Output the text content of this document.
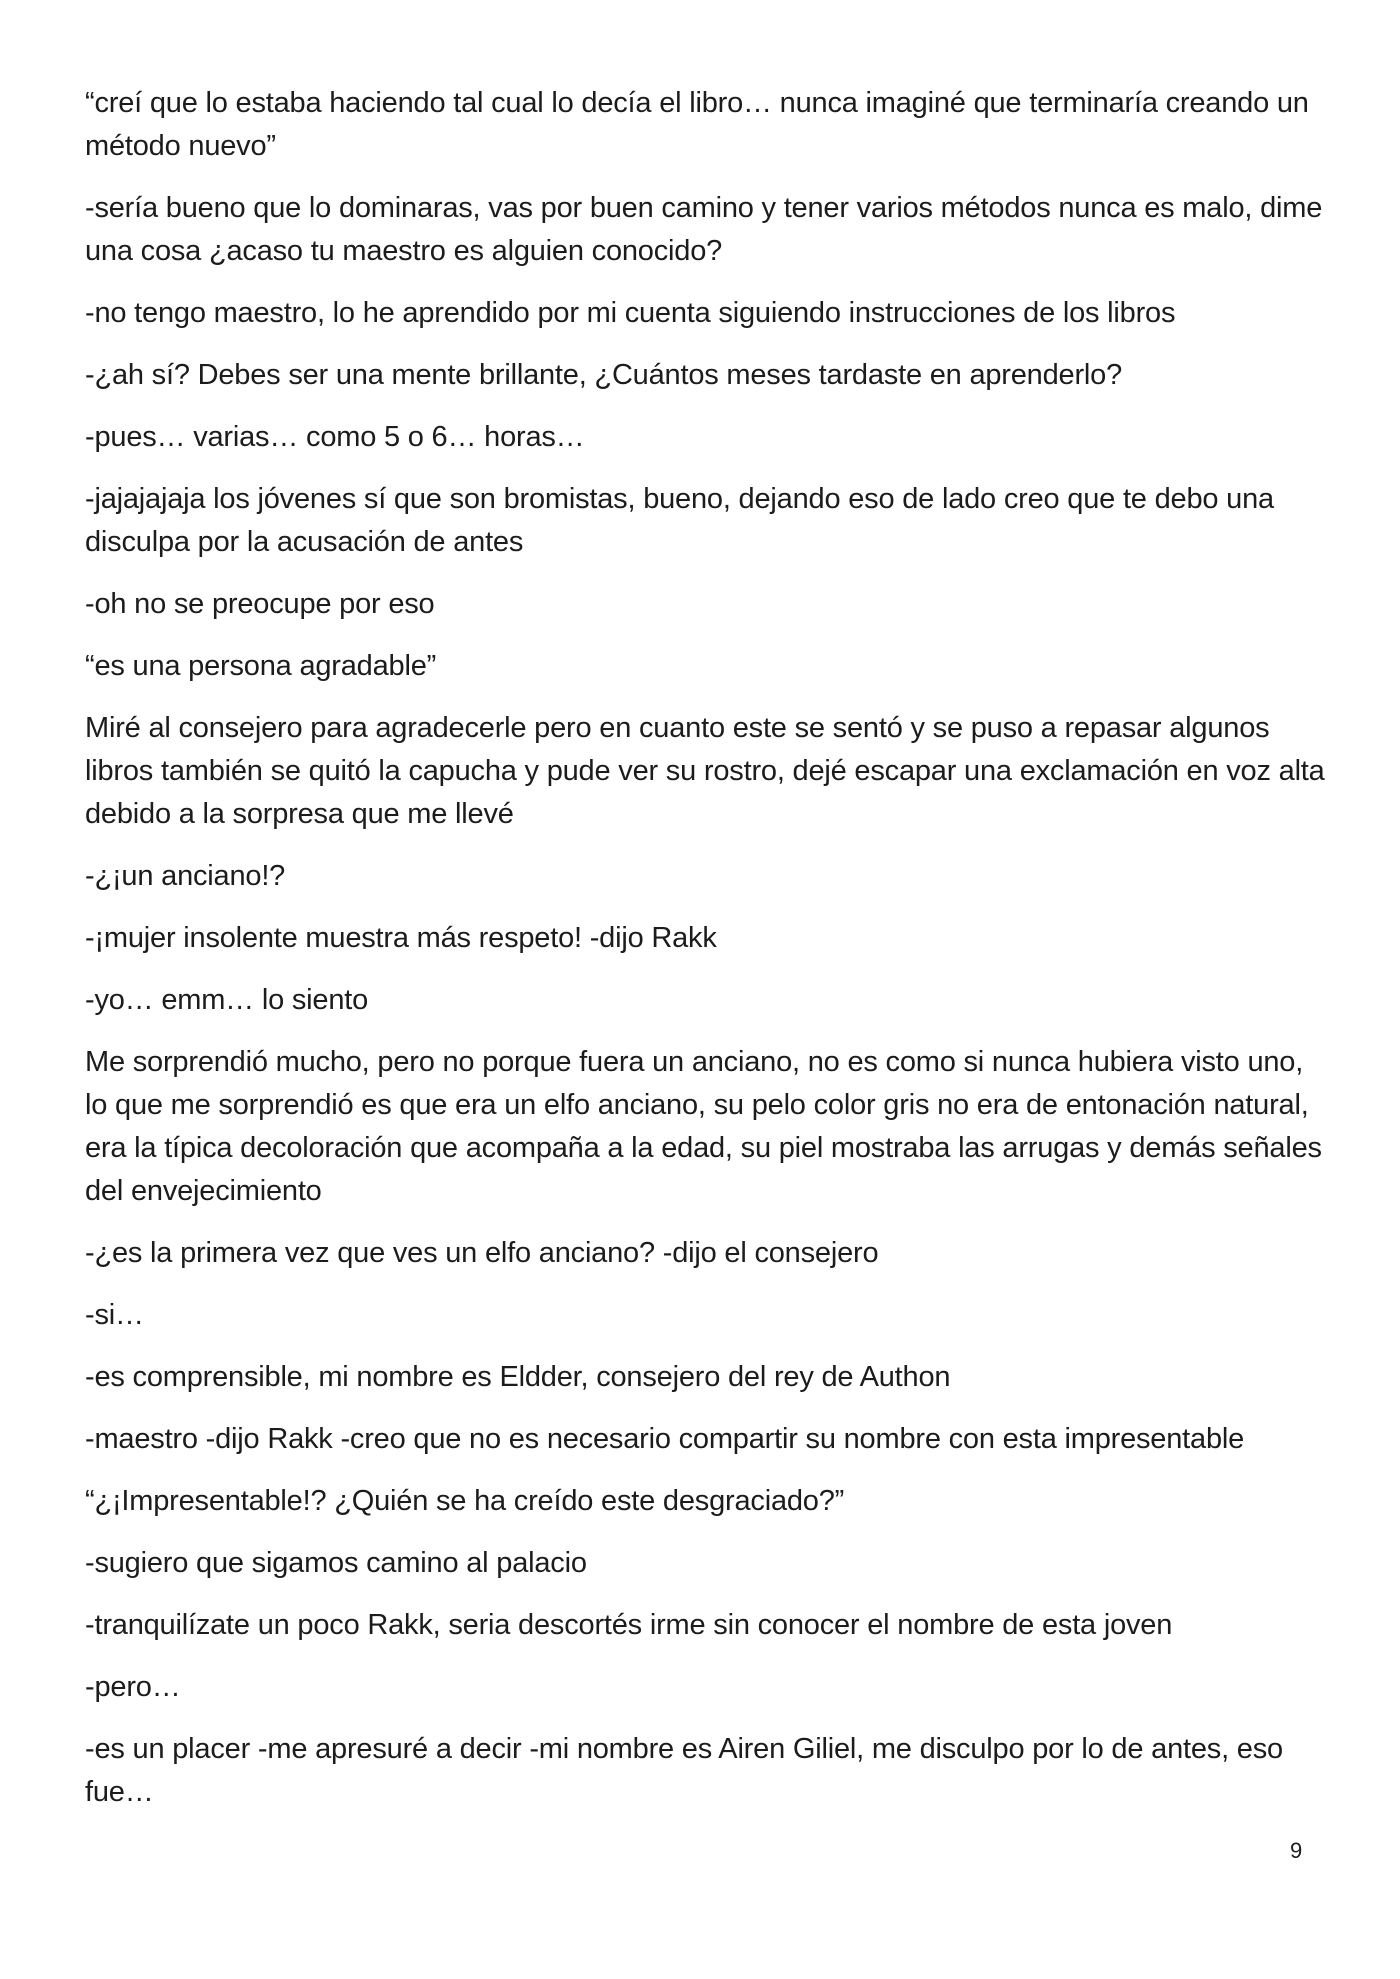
“creí que lo estaba haciendo tal cual lo decía el libro… nunca imaginé que terminaría creando un método nuevo”

-sería bueno que lo dominaras, vas por buen camino y tener varios métodos nunca es malo, dime una cosa ¿acaso tu maestro es alguien conocido?

-no tengo maestro, lo he aprendido por mi cuenta siguiendo instrucciones de los libros

-¿ah sí? Debes ser una mente brillante, ¿Cuántos meses tardaste en aprenderlo?

-pues… varias… como 5 o 6… horas…

-jajajajaja los jóvenes sí que son bromistas, bueno, dejando eso de lado creo que te debo una disculpa por la acusación de antes

-oh no se preocupe por eso

“es una persona agradable”

Miré al consejero para agradecerle pero en cuanto este se sentó y se puso a repasar algunos libros también se quitó la capucha y pude ver su rostro, dejé escapar una exclamación en voz alta debido a la sorpresa que me llevé

-¿¡un anciano!?

-¡mujer insolente muestra más respeto! -dijo Rakk

-yo… emm… lo siento

Me sorprendió mucho, pero no porque fuera un anciano, no es como si nunca hubiera visto uno, lo que me sorprendió es que era un elfo anciano, su pelo color gris no era de entonación natural, era la típica decoloración que acompaña a la edad, su piel mostraba las arrugas y demás señales del envejecimiento

-¿es la primera vez que ves un elfo anciano? -dijo el consejero

-si…

-es comprensible, mi nombre es Eldder, consejero del rey de Authon

-maestro -dijo Rakk -creo que no es necesario compartir su nombre con esta impresentable

“¿¡Impresentable!? ¿Quién se ha creído este desgraciado?”

-sugiero que sigamos camino al palacio

-tranquilízate un poco Rakk, seria descortés irme sin conocer el nombre de esta joven

-pero…

-es un placer -me apresuré a decir -mi nombre es Airen Giliel, me disculpo por lo de antes, eso fue…

9
